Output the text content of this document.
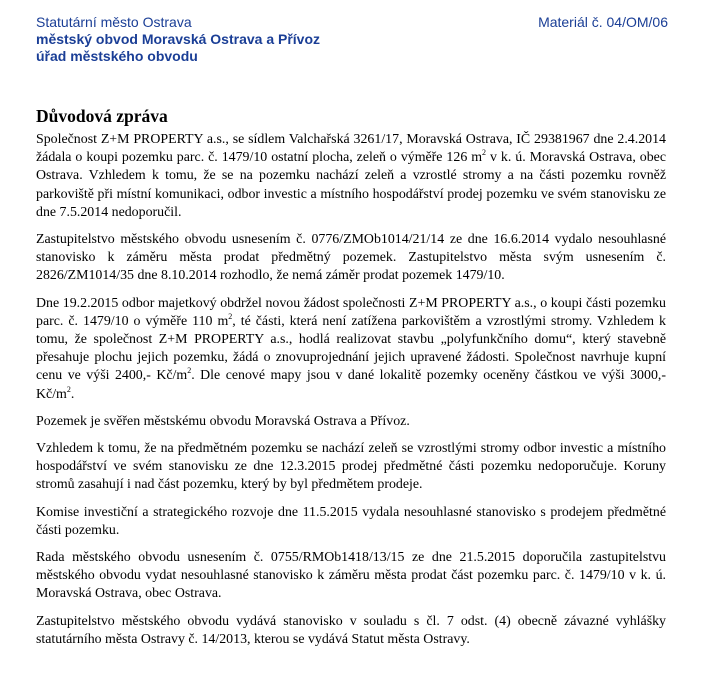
Statutární město Ostrava
městský obvod Moravská Ostrava a Přívoz
úřad městského obvodu
Materiál č. 04/OM/06
Důvodová zpráva

Společnost Z+M PROPERTY a.s., se sídlem Valchařská 3261/17, Moravská Ostrava, IČ 29381967 dne 2.4.2014 žádala o koupi pozemku parc. č. 1479/10 ostatní plocha, zeleň o výměře 126 $m^2$ v k. ú. Moravská Ostrava, obec Ostrava. Vzhledem k tomu, že se na pozemku nachází zeleň a vzrostlé stromy a na části pozemku rovněž parkoviště při místní komunikaci, odbor investic a místního hospodářství prodej pozemku ve svém stanovisku ze dne 7.5.2014 nedoporučil.

Zastupitelstvo městského obvodu usnesením č. 0776/ZMOb1014/21/14 ze dne 16.6.2014 vydalo nesouhlasné stanovisko k záměru města prodat předmětný pozemek. Zastupitelstvo města svým usnesením č. 2826/ZM1014/35 dne 8.10.2014 rozhodlo, že nemá záměr prodat pozemek 1479/10.

Dne 19.2.2015 odbor majetkový obdržel novou žádost společnosti Z+M PROPERTY a.s., o koupi části pozemku parc. č. 1479/10 o výměře 110 $m^2$, té části, která není zatížena parkovištěm a vzrostlými stromy. Vzhledem k tomu, že společnost Z+M PROPERTY a.s., hodlá realizovat stavbu „polyfunkčního domu“, který stavebně přesahuje plochu jejich pozemku, žádá o znovuprojednání jejich upravené žádosti. Společnost navrhuje kupní cenu ve výši 2400,- $Kč/m^2$. Dle cenové mapy jsou v dané lokalitě pozemky oceněny částkou ve výši 3000,- $Kč/m^2$.

Pozemek je svěřen městskému obvodu Moravská Ostrava a Přívoz.

Vzhledem k tomu, že na předmětném pozemku se nachází zeleň se vzrostlými stromy odbor investic a místního hospodářství ve svém stanovisku ze dne 12.3.2015 prodej předmětné části pozemku nedoporučuje. Koruny stromů zasahují i nad část pozemku, který by byl předmětem prodeje.

Komise investiční a strategického rozvoje dne 11.5.2015 vydala nesouhlasné stanovisko s prodejem předmětné části pozemku.

Rada městského obvodu usnesením č. 0755/RMOb1418/13/15 ze dne 21.5.2015 doporučila zastupitelstvu městského obvodu vydat nesouhlasné stanovisko k záměru města prodat část pozemku parc. č. 1479/10 v k. ú. Moravská Ostrava, obec Ostrava.

Zastupitelstvo městského obvodu vydává stanovisko v souladu s čl. 7 odst. (4) obecně závazné vyhlášky statutárního města Ostravy č. 14/2013, kterou se vydává Statut města Ostravy.
